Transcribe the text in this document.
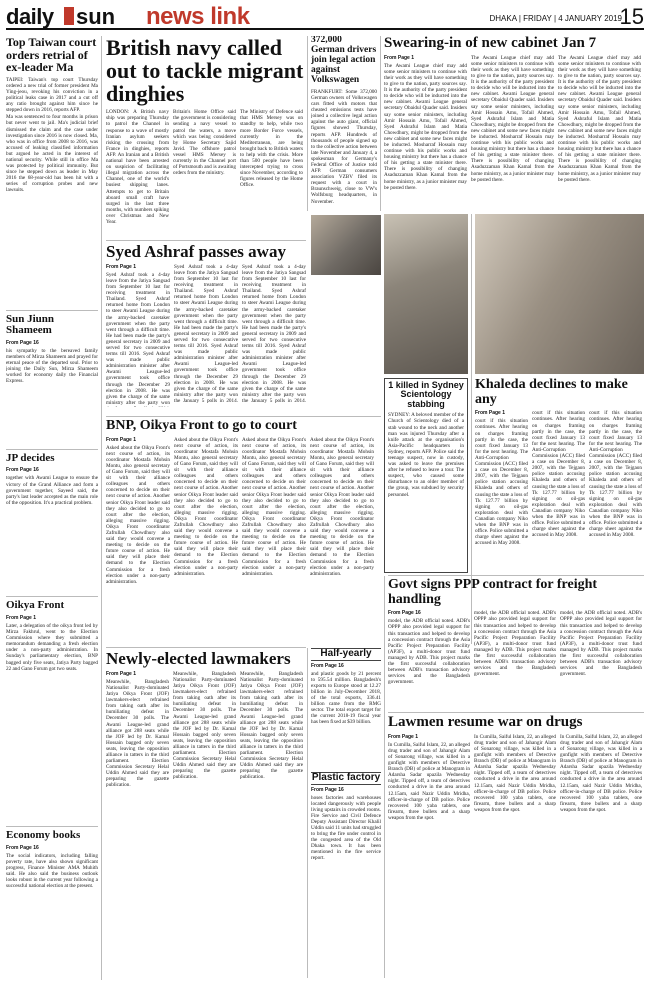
daily sun news link	DHAKA | FRIDAY | 4 JANUARY 2019
15
Top Taiwan court orders retrial of ex-leader Ma

TAIPEI: Taiwan's top court Thursday ordered a new trial of former president Ma Ying-jeou, revoking his conviction in a political leaks case in 2017 and a cut off any ratio brought against him since he stepped down in 2016, reports AFP.

Ma was sentenced to four months in prison but never went to jail. Ma's judicial brief dismissed the claim and the case under investigation since 2016 is now closed. Ma, who was in office from 2008 to 2016, was accused of leaking classified information but argued he acted in the interest of national security. While still in office Ma was protected by political immunity. But since he stepped down as leader in May 2016 the 68-year-old has been hit with a series of corruption probes and new lawsuits.

Sun Jiunn Shameem
From Page 16
his sympathy to the bereaved family members of Mirza Shameem and prayed for eternal peace of the departed soul. Prior to joining the Daily Sun, Mirza Shameem worked for economy daily the Financial Express.
JP decides
From Page 16
together with Awami League to ensure the victory of the Grand Alliance and form a government together, Sayeed said, the party's last leader accepted as the main role of the opposition. It's a practical problem.
Oikya Front
From Page 1
Later, a delegation of the oikya front led by Mirza Fakhrul, went to the Election Commission where they submitted a memorandum demanding a fresh election under a non-party administration. In Sunday's parliamentary election, BNP bagged only five seats, Jatiya Party bagged 22 and Gano Forum got two seats.
Economy books
From Page 16
The social indicators, including falling poverty rate, have also shown significant progress, Finance Minister AMA Muhith said. He also said the business outlook looks robust in the current year following a successful national election at the present.
British navy called out to tackle migrant dinghies
LONDON: A British navy ship was preparing Thursday to patrol the Channel in response to a wave of mostly Iranian asylum seekers risking the crossing from France in dinghies, reports AFP. An Iranian and a British national have been arrested on suspicion of facilitating illegal migration across the Channel, one of the world's busiest shipping lanes. Attempts to get to Britain aboard small craft have surged in the last three months, with numbers spiking over Christmas and New Year.
Britain's Home Office said the government is considering sending a navy vessel to patrol the waters, a move which was being considered by Home Secretary Sajid Javid. The offshore patrol vessel HMS Mersey is currently in the Channel port of Portsmouth and is awaiting orders from the ministry.
The Ministry of Defence said that HMS Mersey was on standby to help, while two more Border Force vessels, currently in the Mediterranean, are being brought back to British waters to help with the crisis. More than 500 people have been intercepted trying to cross since November, according to figures released by the Home Office.
372,000 German drivers join legal action against Volkswagen
FRANKFURT: Some 372,000 German owners of Volkswagen cars fitted with motors that cheated emissions tests have joined a collective legal action against the auto giant, official figures showed Thursday, reports AFP. Hundreds of thousands of people signed up to the collective action between late November and January 4, a spokesman for Germany's Federal Office of Justice told AFP. German consumers association VZBV filed its request with a court in Braunschweig, close to VW's Wolfsburg headquarters, in November.
Swearing-in of new cabinet Jan 7
From Page 1
The Awami League chief may add some senior ministers to continue with their work as they will have something to give to the nation, party sources say. It is the authority of the party president to decide who will be inducted into the new cabinet. Awami League general secretary Obaidul Quader said. Insiders say some senior ministers, including Amir Hossain Amu, Tofail Ahmed, Syed Ashraful Islam and Matia Chowdhury, might be dropped from the new cabinet and some new faces might be inducted. Mosharraf Hossain may continue with his public works and housing ministry but there has a chance of his getting a state minister there. There is possibility of changing Asaduzzaman Khan Kamal from the home ministry, as a junior minister may be posted there.
The Awami League chief may add some senior ministers to continue with their work as they will have something to give to the nation, party sources say. It is the authority of the party president to decide who will be inducted into the new cabinet. Awami League general secretary Obaidul Quader said. Insiders say some senior ministers, including Amir Hossain Amu, Tofail Ahmed, Syed Ashraful Islam and Matia Chowdhury, might be dropped from the new cabinet and some new faces might be inducted. Mosharraf Hossain may continue with his public works and housing ministry but there has a chance of his getting a state minister there. There is possibility of changing Asaduzzaman Khan Kamal from the home ministry, as a junior minister may be posted there.
The Awami League chief may add some senior ministers to continue with their work as they will have something to give to the nation, party sources say. It is the authority of the party president to decide who will be inducted into the new cabinet. Awami League general secretary Obaidul Quader said. Insiders say some senior ministers, including Amir Hossain Amu, Tofail Ahmed, Syed Ashraful Islam and Matia Chowdhury, might be dropped from the new cabinet and some new faces might be inducted. Mosharraf Hossain may continue with his public works and housing ministry but there has a chance of his getting a state minister there. There is possibility of changing Asaduzzaman Khan Kamal from the home ministry, as a junior minister may be posted there.
Syed Ashraf passes away
From Page 1
Syed Ashraf took a 4-day leave from the Jatiya Sangsad from September 10 last for receiving treatment in Thailand. Syed Ashraf returned home from London to steer Awami League during the army-backed caretaker government when the party went through a difficult time. He had been made the party's general secretary in 2009 and served for two consecutive terms till 2016. Syed Ashraf was made public administration minister after Awami League-led government took office through the December 29 election in 2008. He was given the charge of the same ministry after the party won
Syed Ashraf took a 4-day leave from the Jatiya Sangsad from September 10 last for receiving treatment in Thailand. Syed Ashraf returned home from London to steer Awami League during the army-backed caretaker government when the party went through a difficult time. He had been made the party's general secretary in 2009 and served for two consecutive terms till 2016. Syed Ashraf was made public administration minister after Awami League-led government took office through the December 29 election in 2008. He was given the charge of the same ministry after the party won the January 5 polls in 2014.
Syed Ashraf took a 4-day leave from the Jatiya Sangsad from September 10 last for receiving treatment in Thailand. Syed Ashraf returned home from London to steer Awami League during the army-backed caretaker government when the party went through a difficult time. He had been made the party's general secretary in 2009 and served for two consecutive terms till 2016. Syed Ashraf was made public administration minister after Awami League-led government took office through the December 29 election in 2008. He was given the charge of the same ministry after the party won the January 5 polls in 2014.
BNP, Oikya Front to go to court
From Page 1
Asked about the Oikya Front's next course of action, its coordinator Mostafa Mohsin Montu, also general secretary of Gano Forum, said they will sit with their alliance colleagues and others concerned to decide on their next course of action. Another senior Oikya Front leader said they also decided to go to court after the election, alleging massive rigging. Oikya Front coordinator Zafrullah Chowdhury also said they would convene a meeting to decide on the future course of action. He said they will place their demand to the Election Commission for a fresh election under a non-party administration.
Asked about the Oikya Front's next course of action, its coordinator Mostafa Mohsin Montu, also general secretary of Gano Forum, said they will sit with their alliance colleagues and others concerned to decide on their next course of action. Another senior Oikya Front leader said they also decided to go to court after the election, alleging massive rigging. Oikya Front coordinator Zafrullah Chowdhury also said they would convene a meeting to decide on the future course of action. He said they will place their demand to the Election Commission for a fresh election under a non-party administration.
Asked about the Oikya Front's next course of action, its coordinator Mostafa Mohsin Montu, also general secretary of Gano Forum, said they will sit with their alliance colleagues and others concerned to decide on their next course of action. Another senior Oikya Front leader said they also decided to go to court after the election, alleging massive rigging. Oikya Front coordinator Zafrullah Chowdhury also said they would convene a meeting to decide on the future course of action. He said they will place their demand to the Election Commission for a fresh election under a non-party administration.
Asked about the Oikya Front's next course of action, its coordinator Mostafa Mohsin Montu, also general secretary of Gano Forum, said they will sit with their alliance colleagues and others concerned to decide on their next course of action. Another senior Oikya Front leader said they also decided to go to court after the election, alleging massive rigging. Oikya Front coordinator Zafrullah Chowdhury also said they would convene a meeting to decide on the future course of action. He said they will place their demand to the Election Commission for a fresh election under a non-party administration.
1 killed in Sydney Scientology stabbing
SYDNEY: A beloved member of the Church of Scientology died of a stab wound to the neck and another man was injured Thursday after a knife attack at the organisation's Asia-Pacific headquarters in Sydney, reports AFP. Police said the teenage suspect, now in custody, was asked to leave the premises after he refused to leave a tour. The suspect, who caused some disturbance to an older member of the group, was subdued by security personnel.
Khaleda declines to make any
From Page 1
court if this situation continues. After hearing on charges framing partly in the case, the court fixed January 13 for the next hearing. The Anti-Corruption Commission (ACC) filed a case on December 8, 2007, with the Tejgaon police station accusing Khaleda and others of causing the state a loss of Tk 127.77 billion by signing on oil-gas exploration deal with Canadian company Niko when the BNP was in office. Police submitted a charge sheet against the accused in May 2008.
court if this situation continues. After hearing on charges framing partly in the case, the court fixed January 13 for the next hearing. The Anti-Corruption Commission (ACC) filed a case on December 8, 2007, with the Tejgaon police station accusing Khaleda and others of causing the state a loss of Tk 127.77 billion by signing on oil-gas exploration deal with Canadian company Niko when the BNP was in office. Police submitted a charge sheet against the accused in May 2008.
court if this situation continues. After hearing on charges framing partly in the case, the court fixed January 13 for the next hearing. The Anti-Corruption Commission (ACC) filed a case on December 8, 2007, with the Tejgaon police station accusing Khaleda and others of causing the state a loss of Tk 127.77 billion by signing on oil-gas exploration deal with Canadian company Niko when the BNP was in office. Police submitted a charge sheet against the accused in May 2008.
Half-yearly
From Page 16
and plastic goods by 21 percent to 595.54 million. Bangladesh's exports to Europe stood at 12.27 billion in July-December 2018, of the total exports, 336.41 billion came from the RMG sector. The total export target for the current 2018-19 fiscal year has been fixed at $39 billion.
Plastic factory
From Page 16
hoses factories and warehouses located dangerously with people living upstairs in crowded rooms. Fire Service and Civil Defence Deputy Assistant Director Khalil Uddin said 11 units had struggled to bring the fire under control in the congested area of the Old Dhaka town. It has been mentioned in the fire service report.
Newly-elected lawmakers
From Page 1
Meanwhile, Bangladesh Nationalist Party-dominated Jatiya Oikya Front (JOF) lawmakers-elect refrained from taking oath after its humiliating defeat in December 30 polls. The Awami League-led grand alliance got 288 seats while the JOF led by Dr. Kamal Hossain bagged only seven seats, leaving the opposition alliance in tatters in the third parliament. Election Commission Secretary Helal Uddin Ahmed said they are preparing the gazette publication.
Meanwhile, Bangladesh Nationalist Party-dominated Jatiya Oikya Front (JOF) lawmakers-elect refrained from taking oath after its humiliating defeat in December 30 polls. The Awami League-led grand alliance got 288 seats while the JOF led by Dr. Kamal Hossain bagged only seven seats, leaving the opposition alliance in tatters in the third parliament. Election Commission Secretary Helal Uddin Ahmed said they are preparing the gazette publication.
Meanwhile, Bangladesh Nationalist Party-dominated Jatiya Oikya Front (JOF) lawmakers-elect refrained from taking oath after its humiliating defeat in December 30 polls. The Awami League-led grand alliance got 288 seats while the JOF led by Dr. Kamal Hossain bagged only seven seats, leaving the opposition alliance in tatters in the third parliament. Election Commission Secretary Helal Uddin Ahmed said they are preparing the gazette publication.
Govt signs PPP contract for freight handling
From Page 16
model, the ADB official noted. ADB's OPPP also provided legal support for this transaction and helped to develop a concession contract through the Asia Pacific Project Preparation Facility (AP3F), a multi-donor trust fund managed by ADB. This project marks the first successful collaboration between ADB's transaction advisory services and the Bangladesh government.
model, the ADB official noted. ADB's OPPP also provided legal support for this transaction and helped to develop a concession contract through the Asia Pacific Project Preparation Facility (AP3F), a multi-donor trust fund managed by ADB. This project marks the first successful collaboration between ADB's transaction advisory services and the Bangladesh government.
model, the ADB official noted. ADB's OPPP also provided legal support for this transaction and helped to develop a concession contract through the Asia Pacific Project Preparation Facility (AP3F), a multi-donor trust fund managed by ADB. This project marks the first successful collaboration between ADB's transaction advisory services and the Bangladesh government.
Lawmen resume war on drugs
From Page 1
In Cumilla, Saiful Islam, 22, an alleged drug trader and son of Jahangir Alam of Sonarong village, was killed in a gunfight with members of Detective Branch (DB) of police at Manogram in Adarsha Sadar upazila Wednesday night. Tipped off, a team of detectives conducted a drive in the area around 12.15am, said Nazir Uddin Mridha, officer-in-charge of DB police. Police recovered 100 yaba tablets, one firearm, three bullets and a sharp weapon from the spot.
In Cumilla, Saiful Islam, 22, an alleged drug trader and son of Jahangir Alam of Sonarong village, was killed in a gunfight with members of Detective Branch (DB) of police at Manogram in Adarsha Sadar upazila Wednesday night. Tipped off, a team of detectives conducted a drive in the area around 12.15am, said Nazir Uddin Mridha, officer-in-charge of DB police. Police recovered 100 yaba tablets, one firearm, three bullets and a sharp weapon from the spot.
In Cumilla, Saiful Islam, 22, an alleged drug trader and son of Jahangir Alam of Sonarong village, was killed in a gunfight with members of Detective Branch (DB) of police at Manogram in Adarsha Sadar upazila Wednesday night. Tipped off, a team of detectives conducted a drive in the area around 12.15am, said Nazir Uddin Mridha, officer-in-charge of DB police. Police recovered 100 yaba tablets, one firearm, three bullets and a sharp weapon from the spot.
